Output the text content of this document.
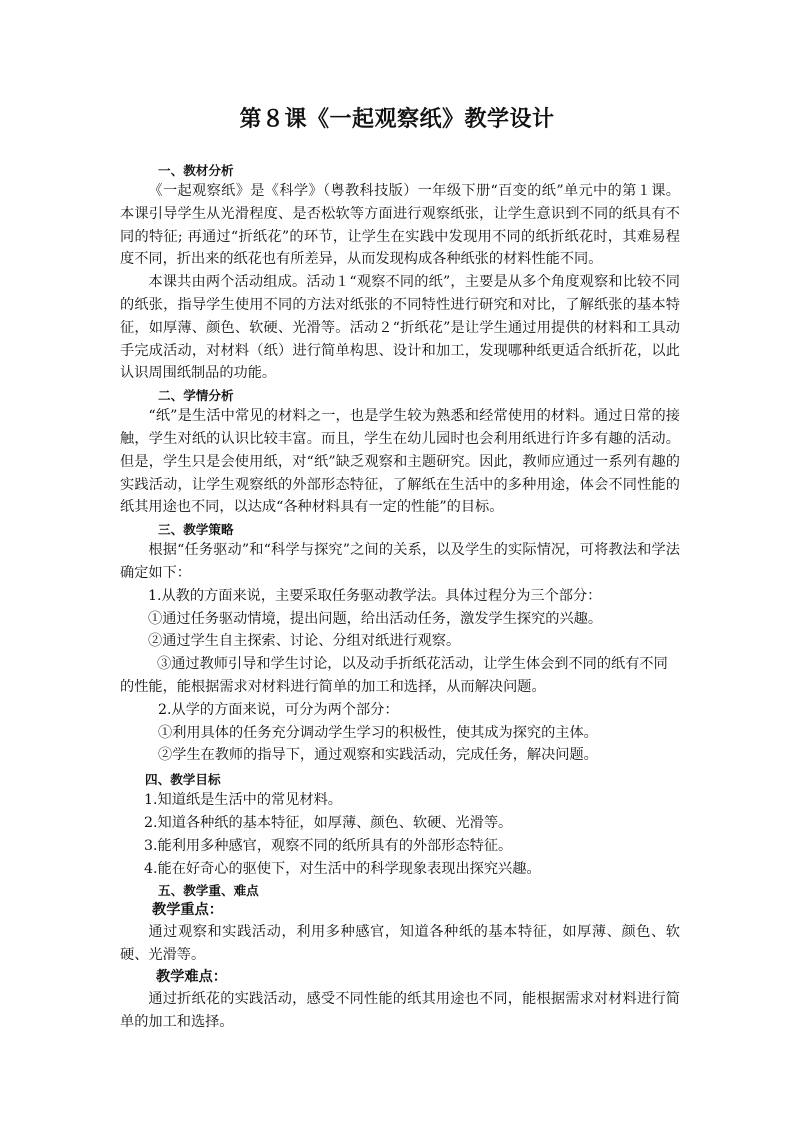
第８课《一起观察纸》教学设计
一、教材分析

《一起观察纸》是《科学》（粤教科技版）一年级下册“百变的纸”单元中的第１课。本课引导学生从光滑程度、是否松软等方面进行观察纸张，让学生意识到不同的纸具有不同的特征; 再通过“折纸花”的环节，让学生在实践中发现用不同的纸折纸花时，其难易程度不同，折出来的纸花也有所差异，从而发现构成各种纸张的材料性能不同。

本课共由两个活动组成。活动１“观察不同的纸”，主要是从多个角度观察和比较不同的纸张，指导学生使用不同的方法对纸张的不同特性进行研究和对比，了解纸张的基本特征，如厚薄、颜色、软硬、光滑等。活动２“折纸花”是让学生通过用提供的材料和工具动手完成活动，对材料（纸）进行简单构思、设计和加工，发现哪种纸更适合纸折花，以此认识周围纸制品的功能。

二、学情分析

“纸”是生活中常见的材料之一，也是学生较为熟悉和经常使用的材料。通过日常的接触，学生对纸的认识比较丰富。而且，学生在幼儿园时也会利用纸进行许多有趣的活动。但是，学生只是会使用纸，对“纸”缺乏观察和主题研究。因此，教师应通过一系列有趣的实践活动，让学生观察纸的外部形态特征，了解纸在生活中的多种用途，体会不同性能的纸其用途也不同，以达成“各种材料具有一定的性能”的目标。

三、教学策略

根据“任务驱动”和“科学与探究”之间的关系，以及学生的实际情况，可将教法和学法确定如下：

1.从教的方面来说，主要采取任务驱动教学法。具体过程分为三个部分：

①通过任务驱动情境，提出问题，给出活动任务，激发学生探究的兴趣。

②通过学生自主探索、讨论、分组对纸进行观察。

③通过教师引导和学生讨论，以及动手折纸花活动，让学生体会到不同的纸有不同的性能，能根据需求对材料进行简单的加工和选择，从而解决问题。

2.从学的方面来说，可分为两个部分：

①利用具体的任务充分调动学生学习的积极性，使其成为探究的主体。

②学生在教师的指导下，通过观察和实践活动，完成任务，解决问题。

四、教学目标

1.知道纸是生活中的常见材料。

2.知道各种纸的基本特征，如厚薄、颜色、软硬、光滑等。

3.能利用多种感官，观察不同的纸所具有的外部形态特征。

4.能在好奇心的驱使下，对生活中的科学现象表现出探究兴趣。

五、教学重、难点
教学重点：

通过观察和实践活动，利用多种感官，知道各种纸的基本特征，如厚薄、颜色、软硬、光滑等。

教学难点：

通过折纸花的实践活动，感受不同性能的纸其用途也不同，能根据需求对材料进行简单的加工和选择。
